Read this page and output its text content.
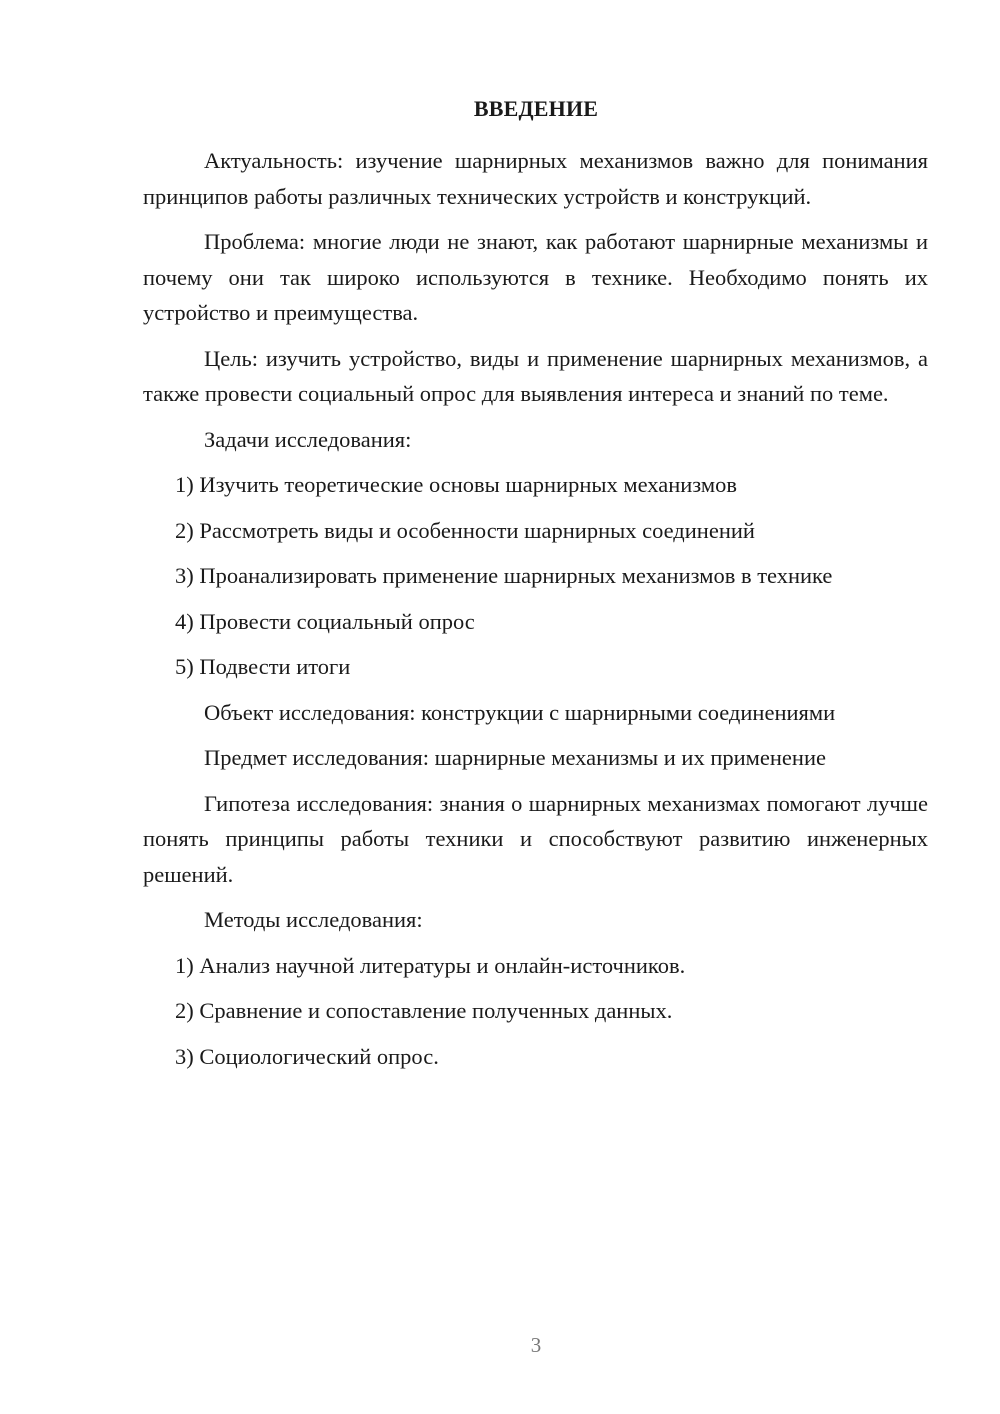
ВВЕДЕНИЕ

Актуальность: изучение шарнирных механизмов важно для понимания принципов работы различных технических устройств и конструкций.

Проблема: многие люди не знают, как работают шарнирные механизмы и почему они так широко используются в технике. Необходимо понять их устройство и преимущества.

Цель: изучить устройство, виды и применение шарнирных механизмов, а также провести социальный опрос для выявления интереса и знаний по теме.

Задачи исследования:

1) Изучить теоретические основы шарнирных механизмов
2) Рассмотреть виды и особенности шарнирных соединений
3) Проанализировать применение шарнирных механизмов в технике
4) Провести социальный опрос
5) Подвести итоги

Объект исследования: конструкции с шарнирными соединениями

Предмет исследования: шарнирные механизмы и их применение

Гипотеза исследования: знания о шарнирных механизмах помогают лучше понять принципы работы техники и способствуют развитию инженерных решений.

Методы исследования:

1) Анализ научной литературы и онлайн-источников.
2) Сравнение и сопоставление полученных данных.
3) Социологический опрос.
3
